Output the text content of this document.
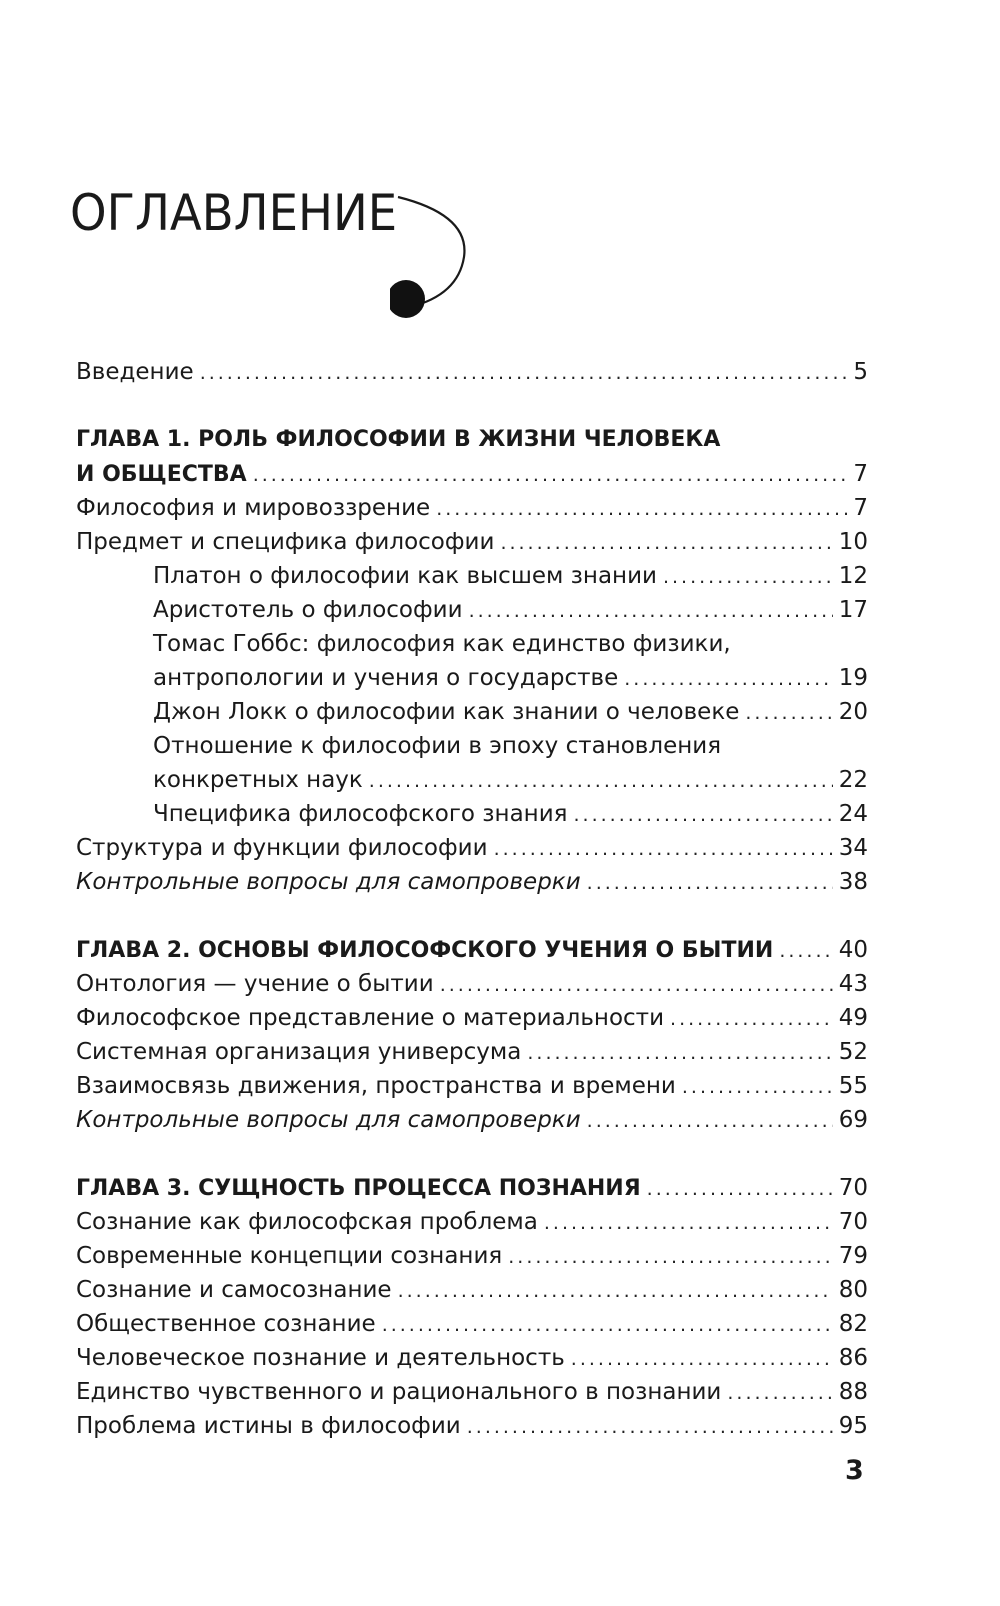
ОГЛАВЛЕНИЕ
Введение .....	5
ГЛАВА 1. РОЛЬ ФИЛОСОФИИ В ЖИЗНИ ЧЕЛОВЕКА
И ОБЩЕСТВА .....	7
Философия и мировоззрение .....	7
Предмет и специфика философии .....	10
Платон о философии как высшем знании .....	12
Аристотель о философии .....	17
Томас Гоббс: философия как единство физики,
антропологии и учения о государстве .....	19
Джон Локк о философии как знании о человеке .....	20
Отношение к философии в эпоху становления
конкретных наук .....	22
Чпецифика философского знания .....	24
Структура и функции философии .....	34
Контрольные вопросы для самопроверки .....	38
ГЛАВА 2. ОСНОВЫ ФИЛОСОФСКОГО УЧЕНИЯ О БЫТИИ .....	40
Онтология — учение о бытии .....	43
Философское представление о материальности .....	49
Системная организация универсума .....	52
Взаимосвязь движения, пространства и времени .....	55
Контрольные вопросы для самопроверки .....	69
ГЛАВА 3. СУЩНОСТЬ ПРОЦЕССА ПОЗНАНИЯ .....	70
Сознание как философская проблема .....	70
Современные концепции сознания .....	79
Сознание и самосознание .....	80
Общественное сознание .....	82
Человеческое познание и деятельность .....	86
Единство чувственного и рационального в познании .....	88
Проблема истины в философии .....	95
3
